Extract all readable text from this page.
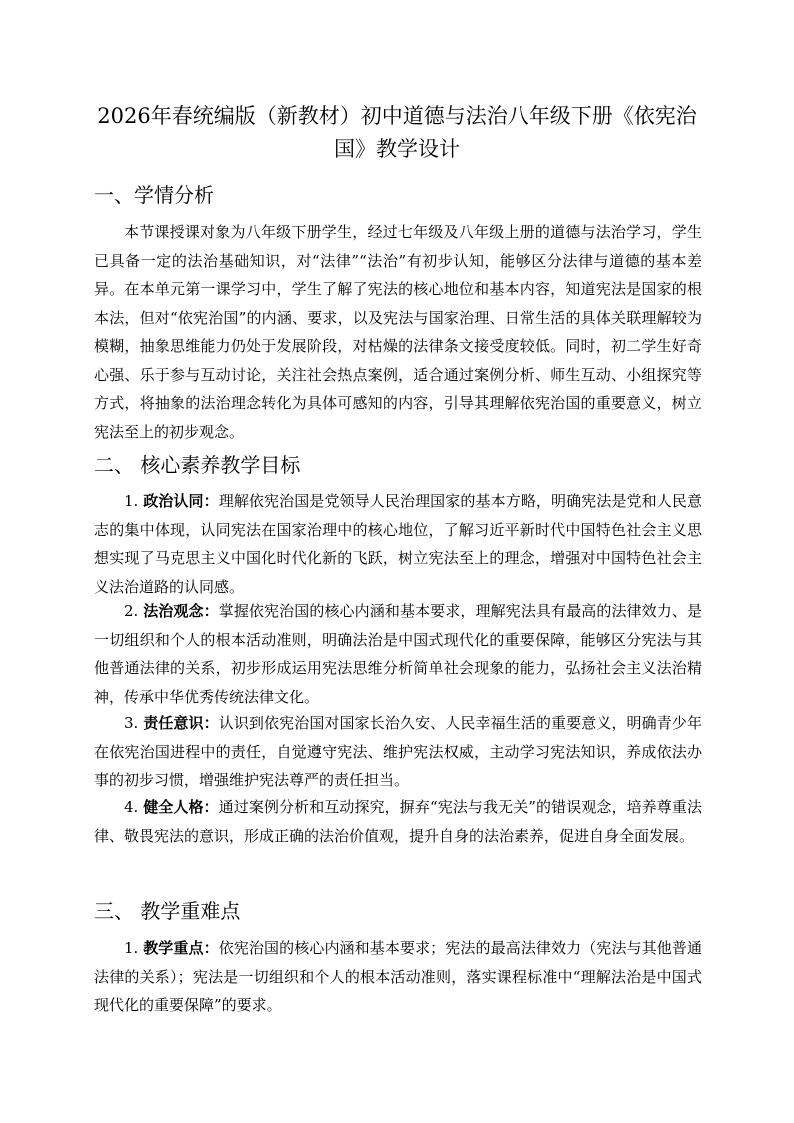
2026年春统编版（新教材）初中道德与法治八年级下册《依宪治国》教学设计
一、学情分析

本节课授课对象为八年级下册学生，经过七年级及八年级上册的道德与法治学习，学生已具备一定的法治基础知识，对“法律”“法治”有初步认知，能够区分法律与道德的基本差异。在本单元第一课学习中，学生了解了宪法的核心地位和基本内容，知道宪法是国家的根本法，但对“依宪治国”的内涵、要求，以及宪法与国家治理、日常生活的具体关联理解较为模糊，抽象思维能力仍处于发展阶段，对枯燥的法律条文接受度较低。同时，初二学生好奇心强、乐于参与互动讨论，关注社会热点案例，适合通过案例分析、师生互动、小组探究等方式，将抽象的法治理念转化为具体可感知的内容，引导其理解依宪治国的重要意义，树立宪法至上的初步观念。

二、 核心素养教学目标

1. 政治认同：理解依宪治国是党领导人民治理国家的基本方略，明确宪法是党和人民意志的集中体现，认同宪法在国家治理中的核心地位，了解习近平新时代中国特色社会主义思想实现了马克思主义中国化时代化新的飞跃，树立宪法至上的理念，增强对中国特色社会主义法治道路的认同感。

2. 法治观念：掌握依宪治国的核心内涵和基本要求，理解宪法具有最高的法律效力、是一切组织和个人的根本活动准则，明确法治是中国式现代化的重要保障，能够区分宪法与其他普通法律的关系，初步形成运用宪法思维分析简单社会现象的能力，弘扬社会主义法治精神，传承中华优秀传统法律文化。

3. 责任意识：认识到依宪治国对国家长治久安、人民幸福生活的重要意义，明确青少年在依宪治国进程中的责任，自觉遵守宪法、维护宪法权威，主动学习宪法知识，养成依法办事的初步习惯，增强维护宪法尊严的责任担当。

4. 健全人格：通过案例分析和互动探究，摒弃“宪法与我无关”的错误观念，培养尊重法律、敬畏宪法的意识，形成正确的法治价值观，提升自身的法治素养，促进自身全面发展。

三、 教学重难点

1. 教学重点：依宪治国的核心内涵和基本要求；宪法的最高法律效力（宪法与其他普通法律的关系）；宪法是一切组织和个人的根本活动准则，落实课程标准中“理解法治是中国式现代化的重要保障”的要求。
